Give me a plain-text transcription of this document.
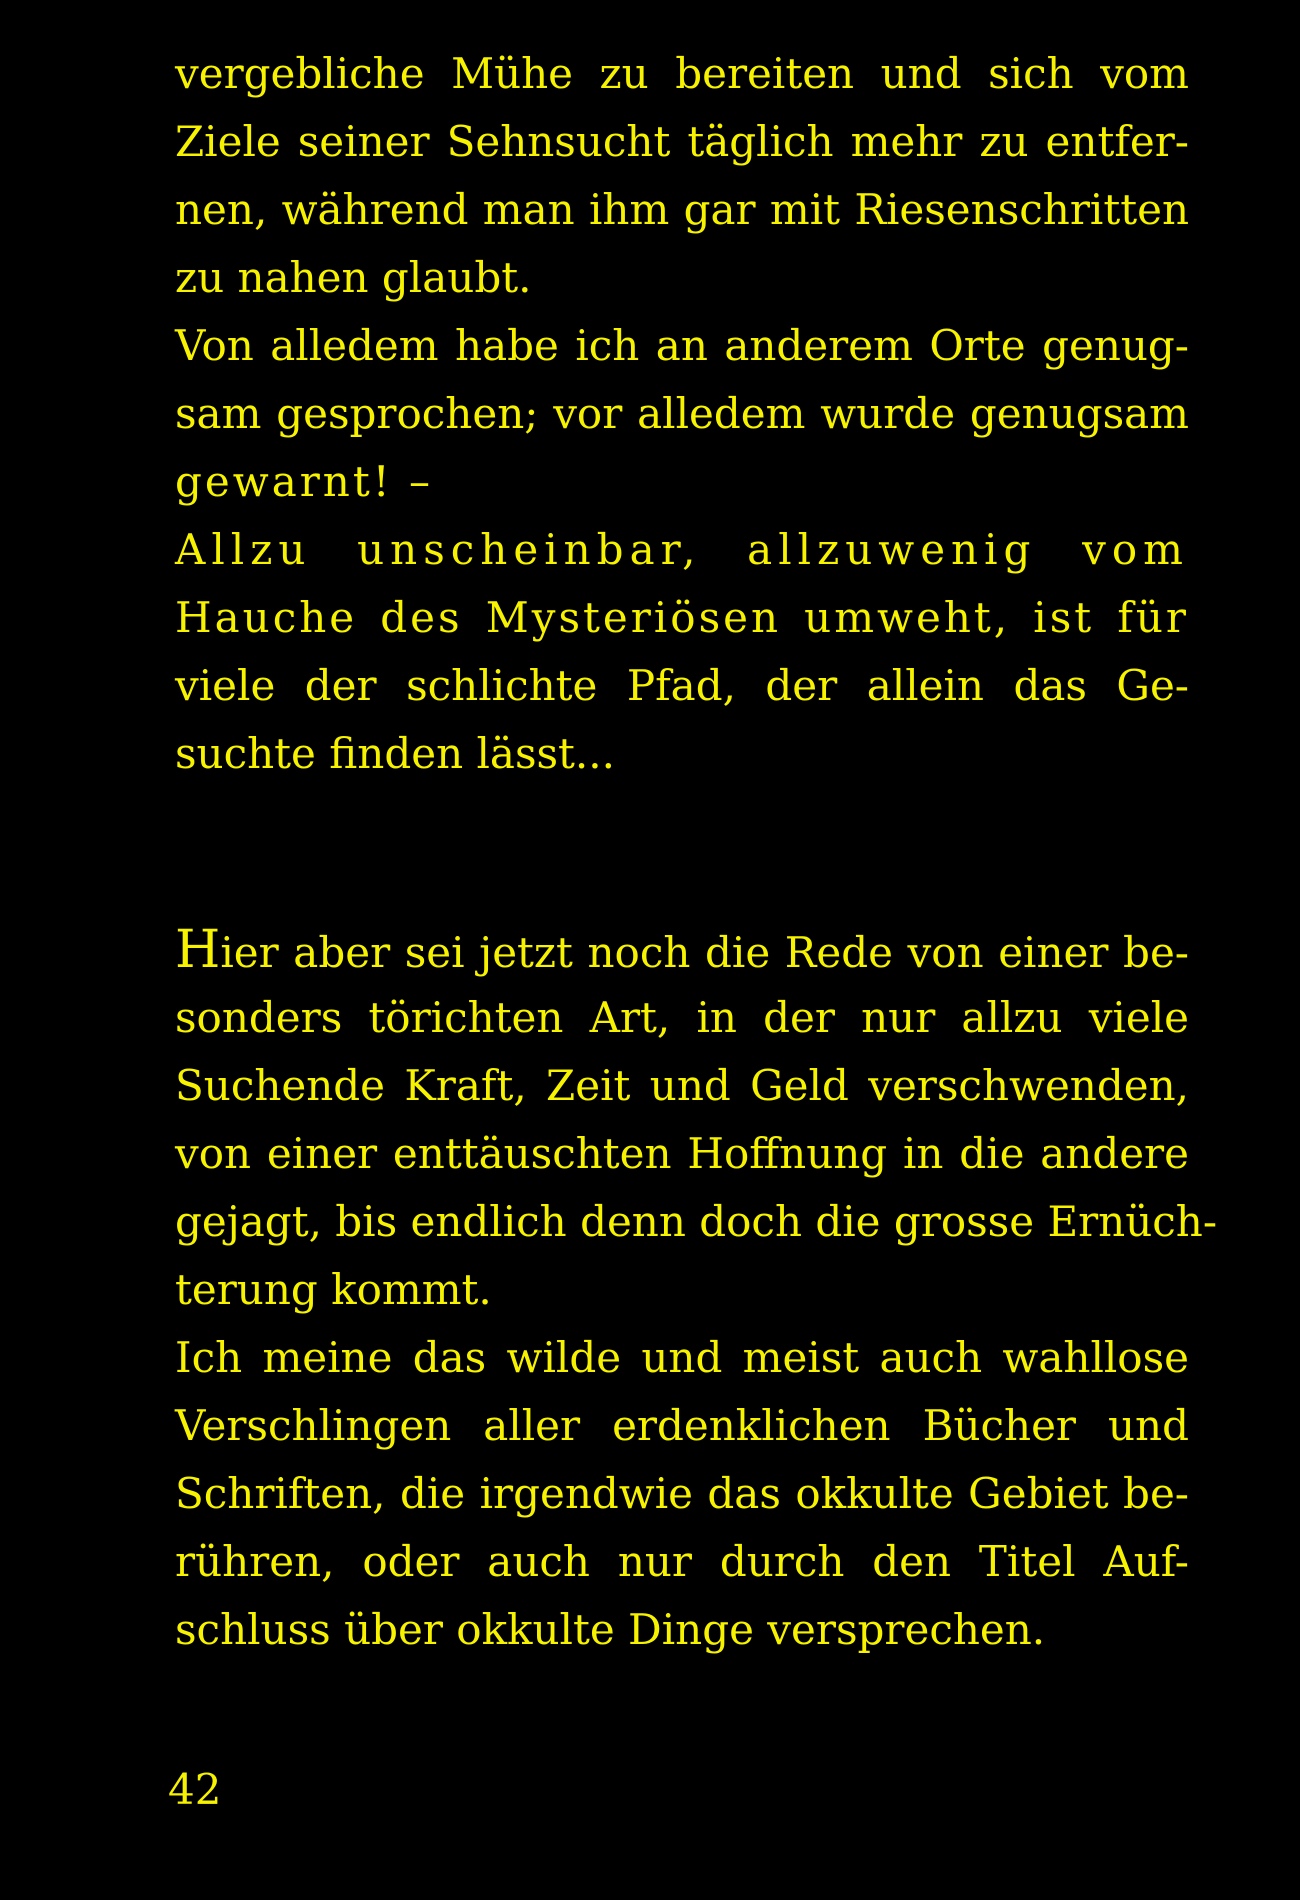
vergebliche Mühe zu bereiten und sich vom

Ziele seiner Sehnsucht täglich mehr zu entfer-

nen, während man ihm gar mit Riesenschritten

zu nahen glaubt.

Von alledem habe ich an anderem Orte genug-

sam gesprochen; vor alledem wurde genugsam

gewarnt! –

Allzu unscheinbar, allzuwenig vom

Hauche des Mysteriösen umweht, ist für

viele der schlichte Pfad, der allein das Ge-

suchte finden lässt...

Hier aber sei jetzt noch die Rede von einer be-

sonders törichten Art, in der nur allzu viele

Suchende Kraft, Zeit und Geld verschwenden,

von einer enttäuschten Hoffnung in die andere

gejagt, bis endlich denn doch die grosse Ernüch-

terung kommt.

Ich meine das wilde und meist auch wahllose

Verschlingen aller erdenklichen Bücher und

Schriften, die irgendwie das okkulte Gebiet be-

rühren, oder auch nur durch den Titel Auf-

schluss über okkulte Dinge versprechen.

42
